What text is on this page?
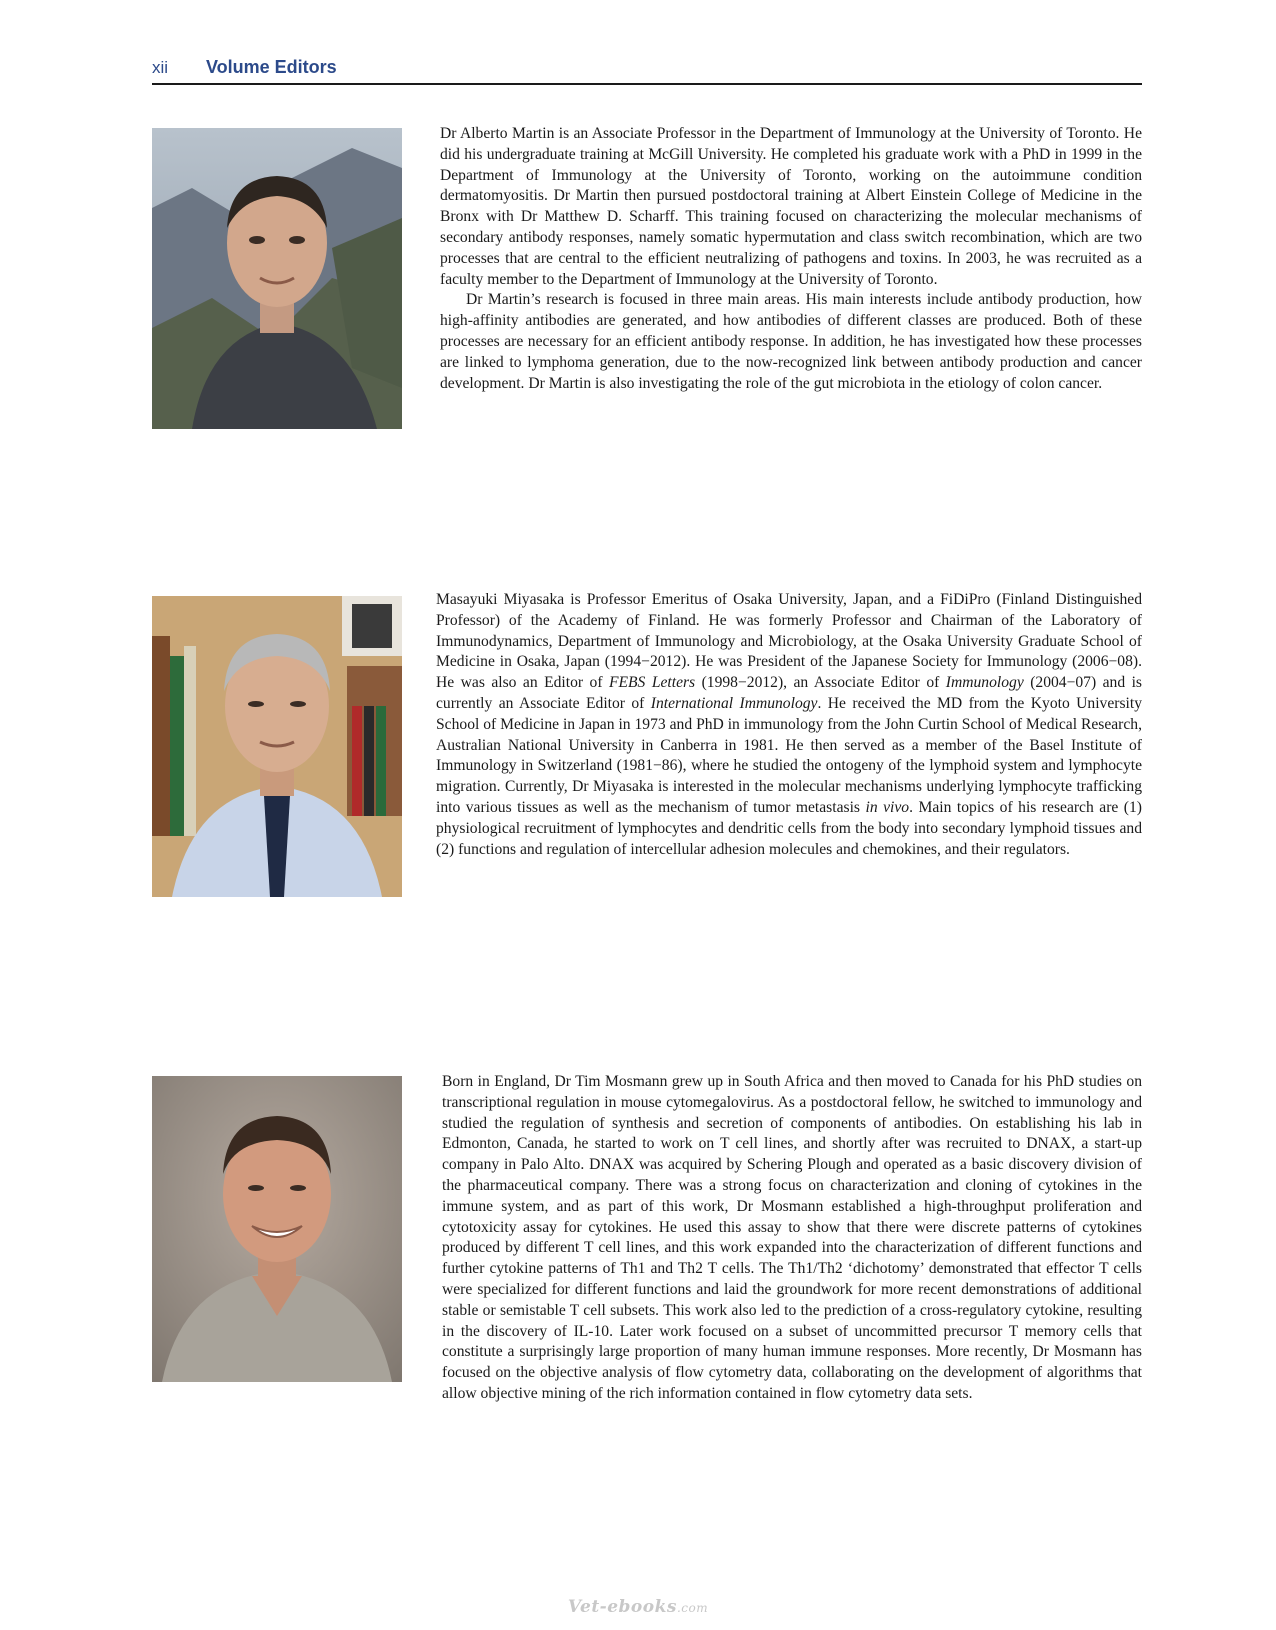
xii Volume Editors

Dr Alberto Martin is an Associate Professor in the Department of Immunology at the University of Toronto. He did his undergraduate training at McGill University. He completed his graduate work with a PhD in 1999 in the Department of Immunology at the University of Toronto, working on the autoimmune condition dermatomyositis. Dr Martin then pursued postdoctoral training at Albert Einstein College of Medicine in the Bronx with Dr Matthew D. Scharff. This training focused on characterizing the molecular mechanisms of secondary antibody responses, namely somatic hypermutation and class switch recombination, which are two processes that are central to the efficient neutralizing of pathogens and toxins. In 2003, he was recruited as a faculty member to the Department of Immunology at the University of Toronto.

Dr Martin’s research is focused in three main areas. His main interests include antibody production, how high-affinity antibodies are generated, and how antibodies of different classes are produced. Both of these processes are necessary for an efficient antibody response. In addition, he has investigated how these processes are linked to lymphoma generation, due to the now-recognized link between antibody production and cancer development. Dr Martin is also investigating the role of the gut microbiota in the etiology of colon cancer.

Masayuki Miyasaka is Professor Emeritus of Osaka University, Japan, and a FiDiPro (Finland Distinguished Professor) of the Academy of Finland. He was formerly Professor and Chairman of the Laboratory of Immunodynamics, Department of Immunology and Microbiology, at the Osaka University Graduate School of Medicine in Osaka, Japan (1994−2012). He was President of the Japanese Society for Immunology (2006−08). He was also an Editor of FEBS Letters (1998−2012), an Associate Editor of Immunology (2004−07) and is currently an Associate Editor of International Immunology. He received the MD from the Kyoto University School of Medicine in Japan in 1973 and PhD in immunology from the John Curtin School of Medical Research, Australian National University in Canberra in 1981. He then served as a member of the Basel Institute of Immunology in Switzerland (1981−86), where he studied the ontogeny of the lymphoid system and lymphocyte migration. Currently, Dr Miyasaka is interested in the molecular mechanisms underlying lymphocyte trafficking into various tissues as well as the mechanism of tumor metastasis in vivo. Main topics of his research are (1) physiological recruitment of lymphocytes and dendritic cells from the body into secondary lymphoid tissues and (2) functions and regulation of intercellular adhesion molecules and chemokines, and their regulators.

Born in England, Dr Tim Mosmann grew up in South Africa and then moved to Canada for his PhD studies on transcriptional regulation in mouse cytomegalovirus. As a postdoctoral fellow, he switched to immunology and studied the regulation of synthesis and secretion of components of antibodies. On establishing his lab in Edmonton, Canada, he started to work on T cell lines, and shortly after was recruited to DNAX, a start-up company in Palo Alto. DNAX was acquired by Schering Plough and operated as a basic discovery division of the pharmaceutical company. There was a strong focus on characterization and cloning of cytokines in the immune system, and as part of this work, Dr Mosmann established a high-throughput proliferation and cytotoxicity assay for cytokines. He used this assay to show that there were discrete patterns of cytokines produced by different T cell lines, and this work expanded into the characterization of different functions and further cytokine patterns of Th1 and Th2 T cells. The Th1/Th2 ‘dichotomy’ demonstrated that effector T cells were specialized for different functions and laid the groundwork for more recent demonstrations of additional stable or semistable T cell subsets. This work also led to the prediction of a cross-regulatory cytokine, resulting in the discovery of IL-10. Later work focused on a subset of uncommitted precursor T memory cells that constitute a surprisingly large proportion of many human immune responses. More recently, Dr Mosmann has focused on the objective analysis of flow cytometry data, collaborating on the development of algorithms that allow objective mining of the rich information contained in flow cytometry data sets.

Vet-ebooks.com
